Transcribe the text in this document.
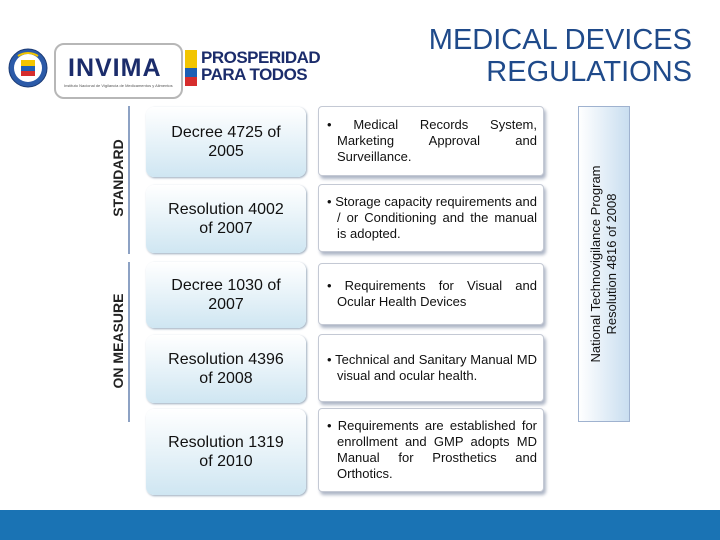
INVIMA
Instituto Nacional de Vigilancia de Medicamentos y Alimentos
PROSPERIDAD
PARA TODOS
MEDICAL DEVICES
REGULATIONS
STANDARD
ON MEASURE
Decree 4725 of 2005
• Medical Records System, Marketing Approval and Surveillance.
Resolution 4002 of 2007
• Storage capacity requirements and / or Conditioning and the manual is adopted.
Decree 1030 of 2007
• Requirements for Visual and Ocular Health Devices
Resolution 4396 of 2008
• Technical and Sanitary Manual MD visual and ocular health.
Resolution 1319 of 2010
• Requirements are established for enrollment and GMP adopts MD Manual for Prosthetics and Orthotics.
National Technovigilance Program Resolution 4816 of 2008
